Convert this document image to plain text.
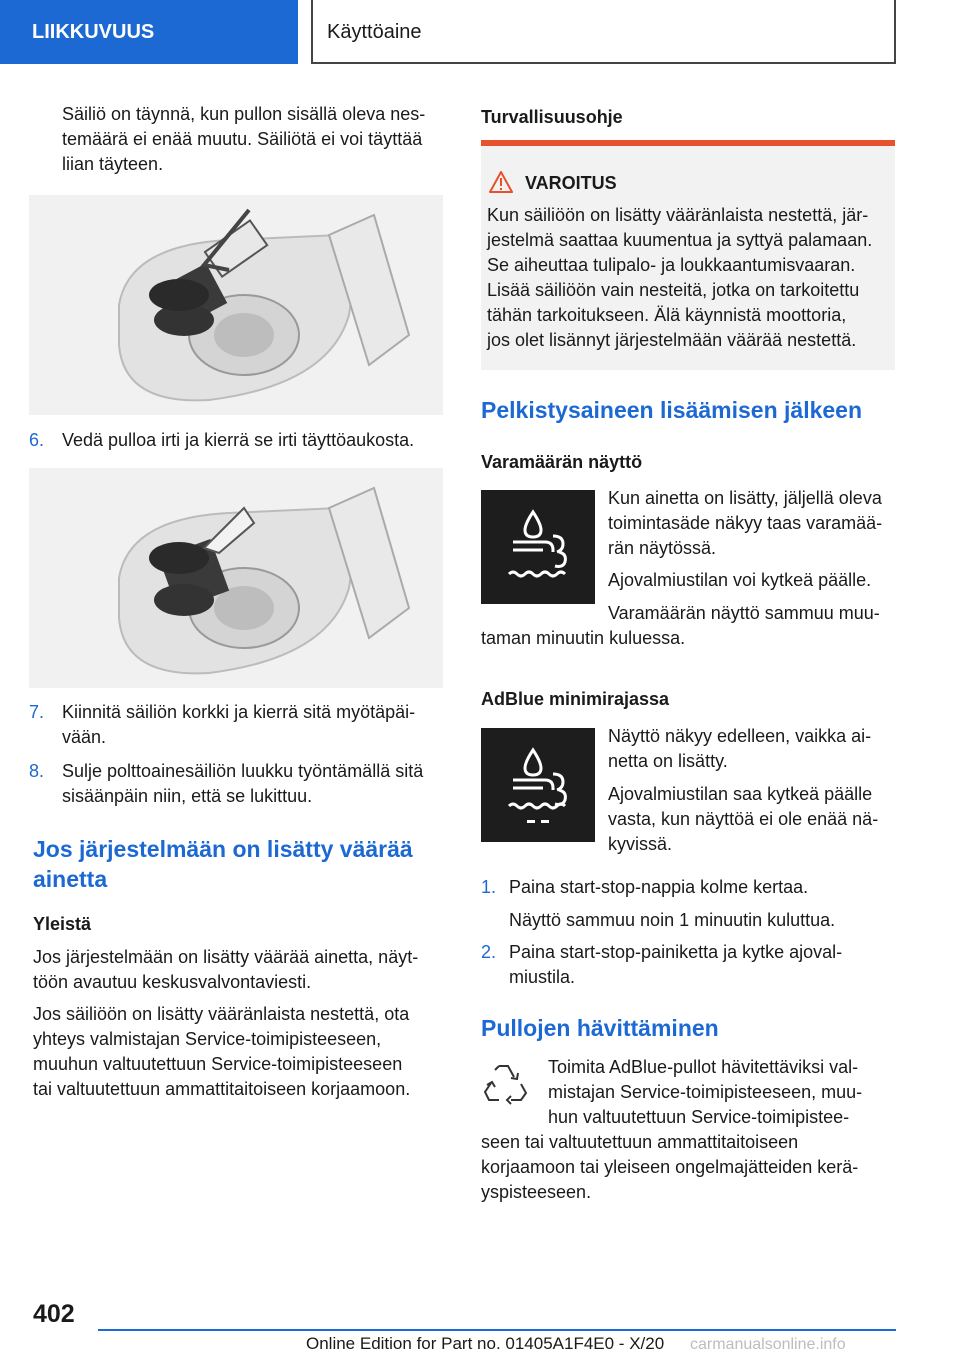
LIIKKUVUUS	Käyttöaine
Säiliö on täynnä, kun pullon sisällä oleva nes-
temäärä ei enää muutu. Säiliötä ei voi täyttää
liian täyteen.
6. Vedä pulloa irti ja kierrä se irti täyttöaukosta.
7. Kiinnitä säiliön korkki ja kierrä sitä myötäpäi-
vään.
8. Sulje polttoainesäiliön luukku työntämällä sitä
sisäänpäin niin, että se lukittuu.
Jos järjestelmään on lisätty väärää
ainetta
Yleistä
Jos järjestelmään on lisätty väärää ainetta, näyt-
töön avautuu keskusvalvontaviesti.
Jos säiliöön on lisätty vääränlaista nestettä, ota
yhteys valmistajan Service-toimipisteeseen,
muuhun valtuutettuun Service-toimipisteeseen
tai valtuutettuun ammattitaitoiseen korjaamoon.
Turvallisuusohje
VAROITUS
Kun säiliöön on lisätty vääränlaista nestettä, jär-
jestelmä saattaa kuumentua ja syttyä palamaan.
Se aiheuttaa tulipalo- ja loukkaantumisvaaran.
Lisää säiliöön vain nesteitä, jotka on tarkoitettu
tähän tarkoitukseen. Älä käynnistä moottoria,
jos olet lisännyt järjestelmään väärää nestettä.
Pelkistysaineen lisäämisen jälkeen
Varamäärän näyttö
Kun ainetta on lisätty, jäljellä oleva
toimintasäde näkyy taas varamää-
rän näytössä.
Ajovalmiustilan voi kytkeä päälle.
Varamäärän näyttö sammuu muu-
taman minuutin kuluessa.
AdBlue minimirajassa
Näyttö näkyy edelleen, vaikka ai-
netta on lisätty.
Ajovalmiustilan saa kytkeä päälle
vasta, kun näyttöä ei ole enää nä-
kyvissä.
1. Paina start-stop-nappia kolme kertaa.
Näyttö sammuu noin 1 minuutin kuluttua.
2. Paina start-stop-painiketta ja kytke ajoval-
miustila.
Pullojen hävittäminen
Toimita AdBlue-pullot hävitettäviksi val-
mistajan Service-toimipisteeseen, muu-
hun valtuutettuun Service-toimipistee-
seen tai valtuutettuun ammattitaitoiseen
korjaamoon tai yleiseen ongelmajätteiden kerä-
yspisteeseen.
402
Online Edition for Part no. 01405A1F4E0 - X/20 carmanualsonline.info
